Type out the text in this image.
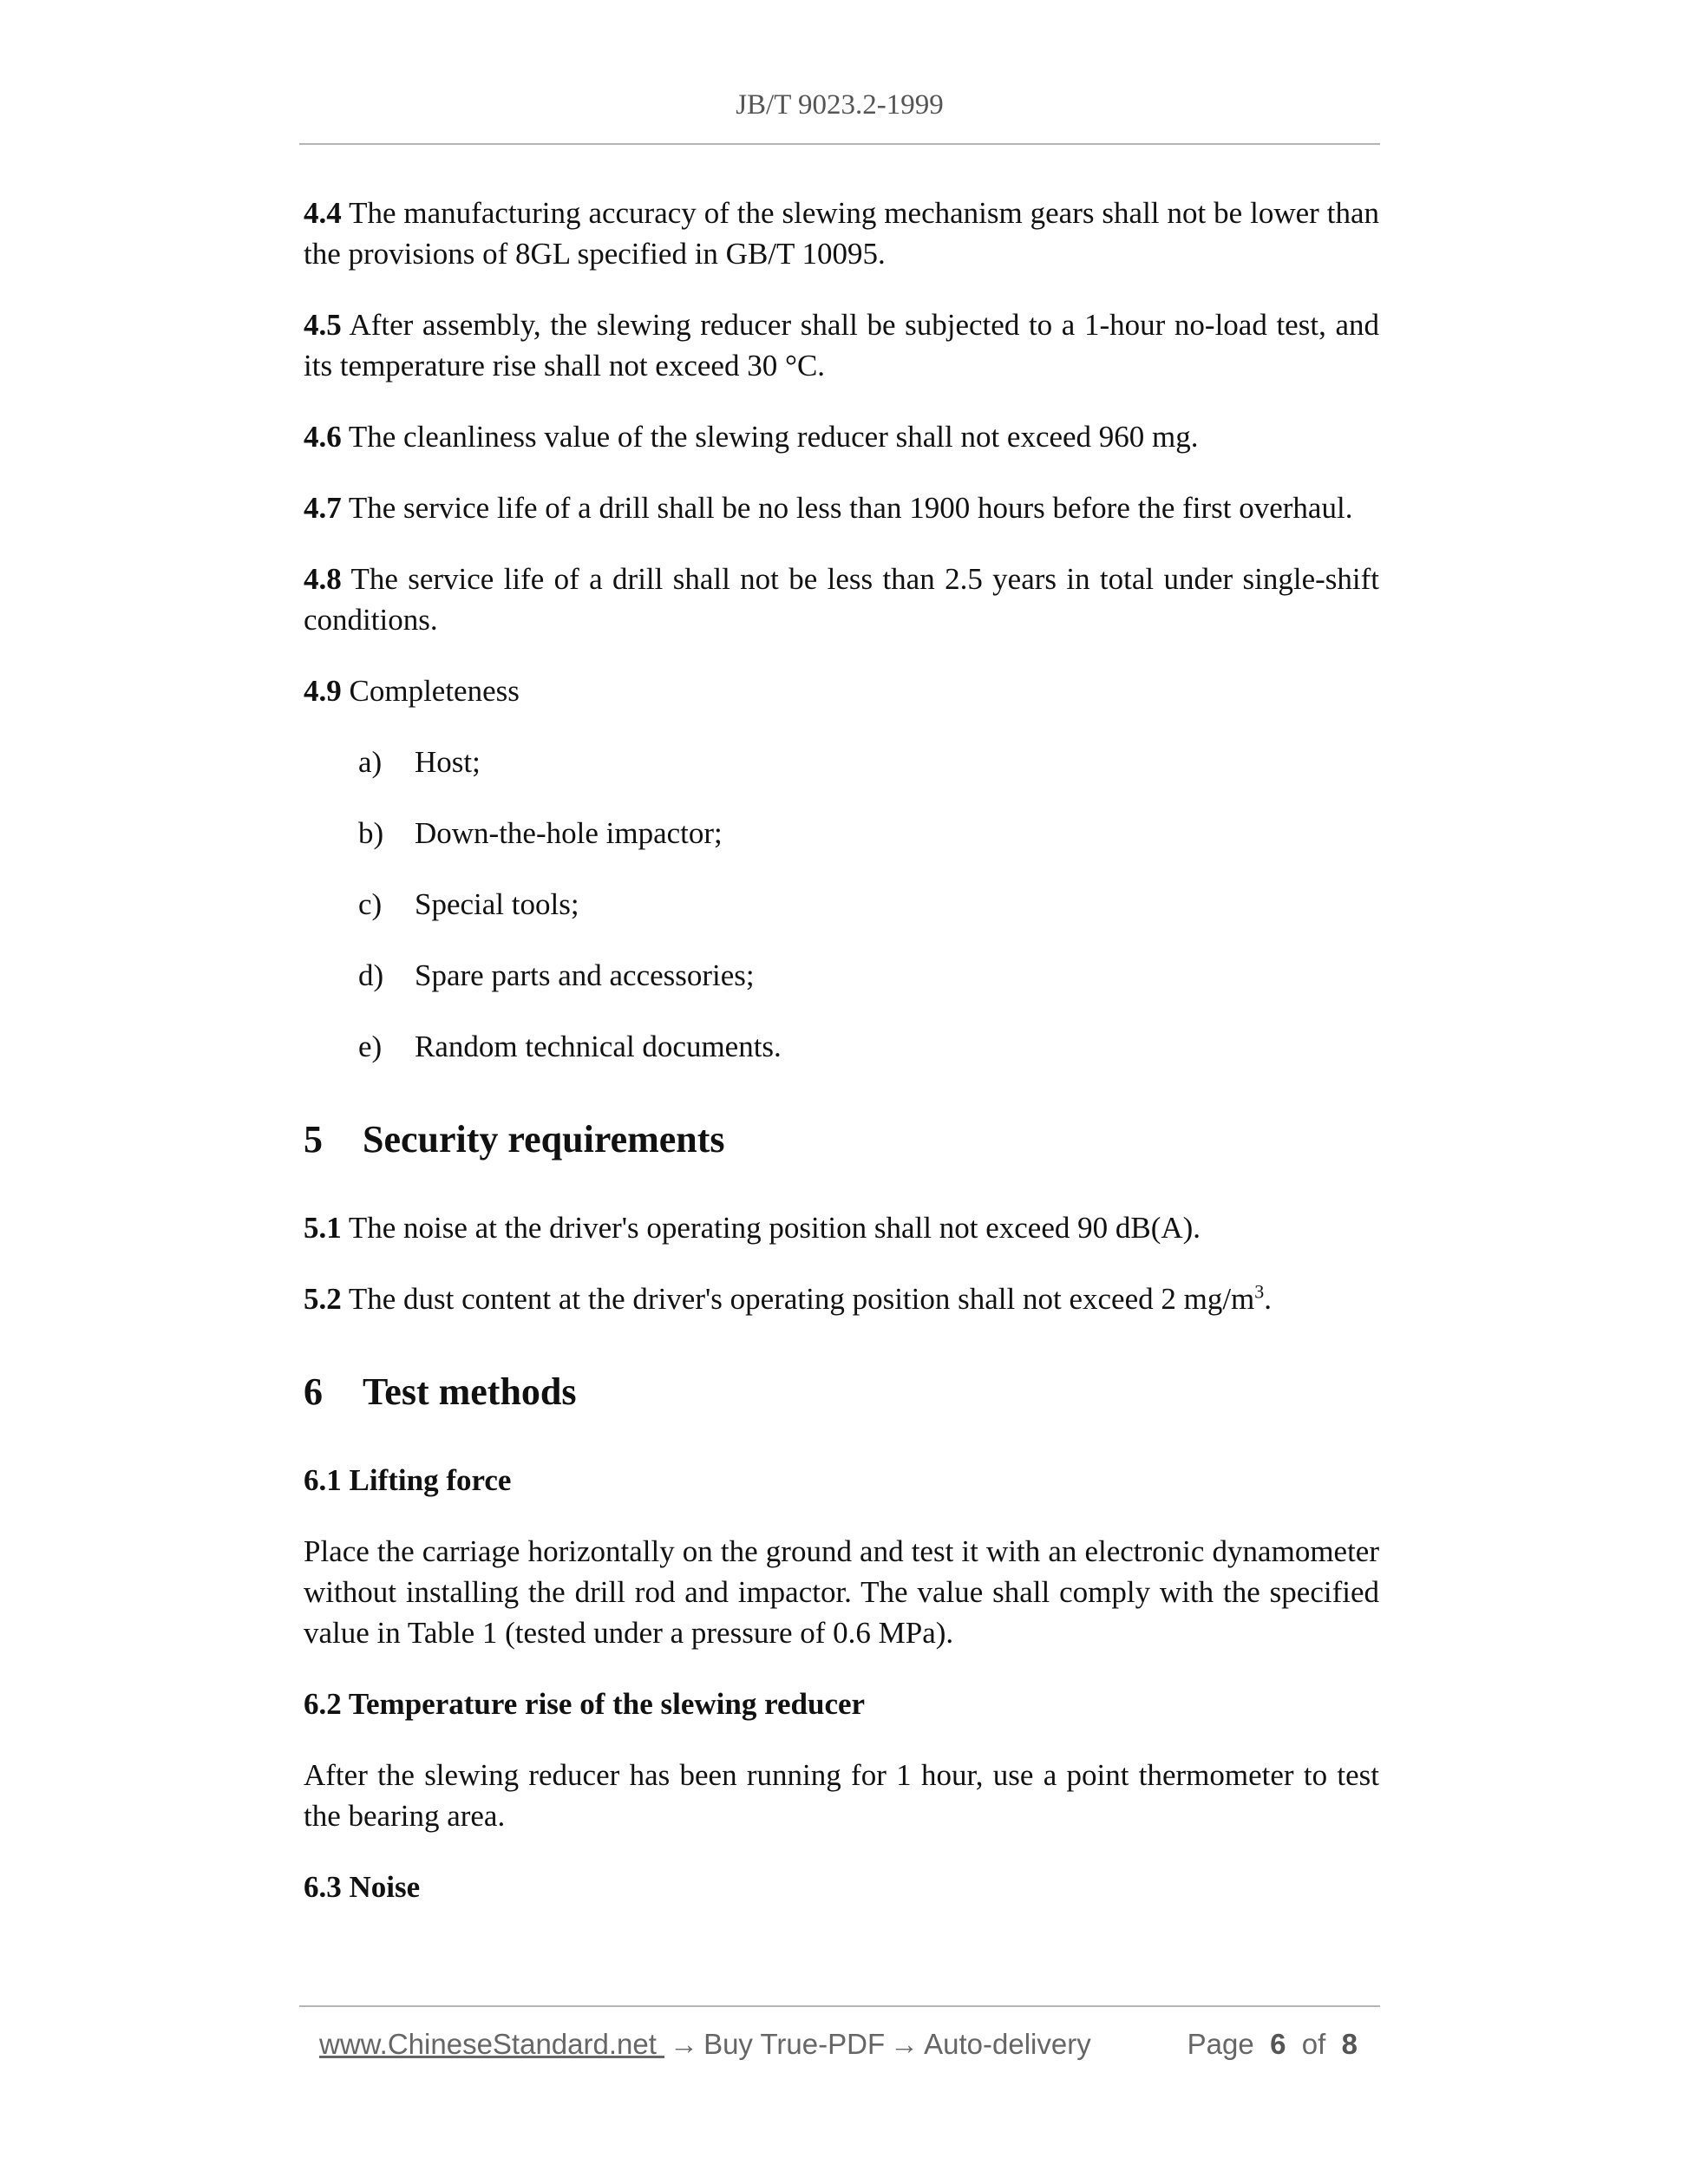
JB/T 9023.2-1999

4.4 The manufacturing accuracy of the slewing mechanism gears shall not be lower than the provisions of 8GL specified in GB/T 10095.

4.5 After assembly, the slewing reducer shall be subjected to a 1-hour no-load test, and its temperature rise shall not exceed 30 °C.

4.6 The cleanliness value of the slewing reducer shall not exceed 960 mg.

4.7 The service life of a drill shall be no less than 1900 hours before the first overhaul.

4.8 The service life of a drill shall not be less than 2.5 years in total under single-shift conditions.

4.9 Completeness

a) Host;
b) Down-the-hole impactor;
c) Special tools;
d) Spare parts and accessories;
e) Random technical documents.
5 Security requirements

5.1 The noise at the driver's operating position shall not exceed 90 dB(A).

5.2 The dust content at the driver's operating position shall not exceed 2 $mg/m^3$.

6 Test methods

6.1 Lifting force

Place the carriage horizontally on the ground and test it with an electronic dynamometer without installing the drill rod and impactor. The value shall comply with the specified value in Table 1 (tested under a pressure of 0.6 MPa).

6.2 Temperature rise of the slewing reducer

After the slewing reducer has been running for 1 hour, use a point thermometer to test the bearing area.

6.3 Noise

www.ChineseStandard.net → Buy True-PDF → Auto-delivery	Page 6 of 8
